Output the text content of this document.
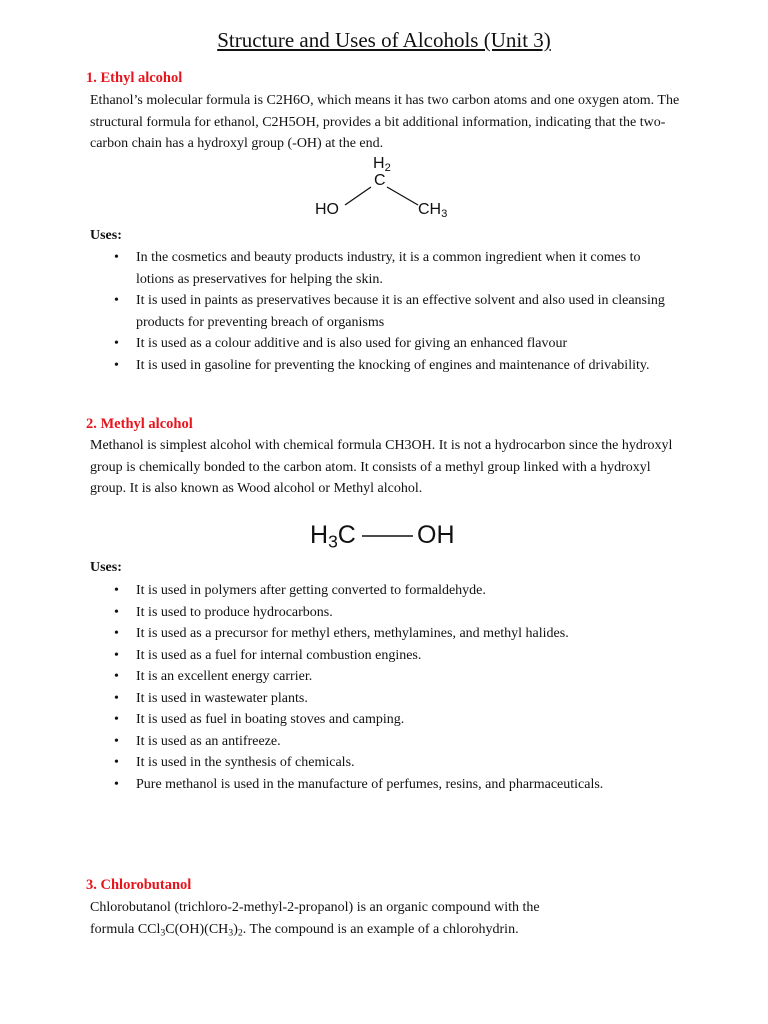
Structure and Uses of Alcohols (Unit 3)
1. Ethyl alcohol
Ethanol’s molecular formula is C2H6O, which means it has two carbon atoms and one oxygen atom. The structural formula for ethanol, C2H5OH, provides a bit additional information, indicating that the two-carbon chain has a hydroxyl group (-OH) at the end.
$H_2$
C
HO	$CH_3$
Uses:
• In the cosmetics and beauty products industry, it is a common ingredient when it comes to lotions as preservatives for helping the skin.
• It is used in paints as preservatives because it is an effective solvent and also used in cleansing products for preventing breach of organisms
• It is used as a colour additive and is also used for giving an enhanced flavour
• It is used in gasoline for preventing the knocking of engines and maintenance of drivability.
2. Methyl alcohol
Methanol is simplest alcohol with chemical formula CH3OH. It is not a hydrocarbon since the hydroxyl group is chemically bonded to the carbon atom. It consists of a methyl group linked with a hydroxyl group. It is also known as Wood alcohol or Methyl alcohol.
$H_3C$ OH
Uses:
• It is used in polymers after getting converted to formaldehyde.
• It is used to produce hydrocarbons.
• It is used as a precursor for methyl ethers, methylamines, and methyl halides.
• It is used as a fuel for internal combustion engines.
• It is an excellent energy carrier.
• It is used in wastewater plants.
• It is used as fuel in boating stoves and camping.
• It is used as an antifreeze.
• It is used in the synthesis of chemicals.
• Pure methanol is used in the manufacture of perfumes, resins, and pharmaceuticals.
3. Chlorobutanol
Chlorobutanol (trichloro-2-methyl-2-propanol) is an organic compound with the
formula $CCl_3C(OH)(CH_3)_2$. The compound is an example of a chlorohydrin.
